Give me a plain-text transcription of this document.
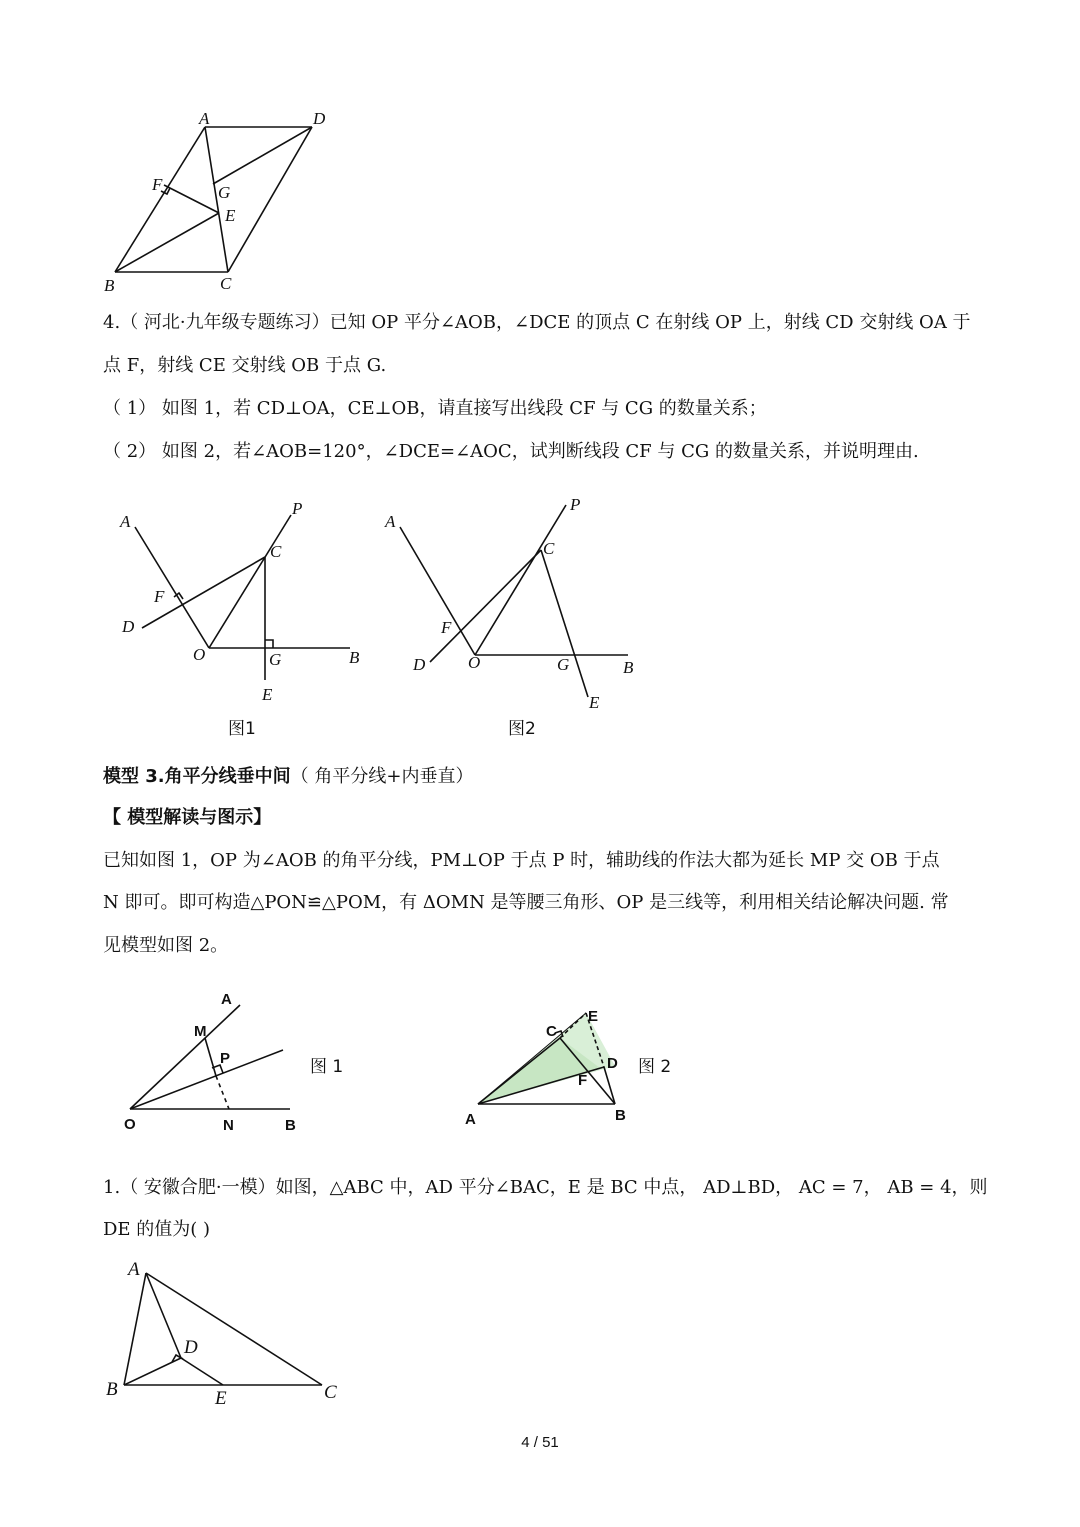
A	D
F	G
E
B	C
4.（ 河北·九年级专题练习）已知 OP 平分∠AOB，∠DCE 的顶点 C 在射线 OP 上，射线 CD 交射线 OA 于
点 F，射线 CE 交射线 OB 于点 G.
（ 1） 如图 1，若 CD⊥OA，CE⊥OB，请直接写出线段 CF 与 CG 的数量关系；
（ 2） 如图 2，若∠AOB=120°，∠DCE=∠AOC，试判断线段 CF 与 CG 的数量关系，并说明理由.
A
P
C
F
D
O	G	B
E
图1
A
P
C
F
D	O	G	B
E
图2
模型 3.角平分线垂中间（ 角平分线+内垂直）
【 模型解读与图示】
已知如图 1，OP 为∠AOB 的角平分线，PM⊥OP 于点 P 时，辅助线的作法大都为延长 MP 交 OB 于点
N 即可。即可构造△PON≌△POM，有 ΔOMN 是等腰三角形、OP 是三线等，利用相关结论解决问题. 常
见模型如图 2。
A
M
P
O	N	B
图 1
E
C
D
F
A	B
图 2
1.（ 安徽合肥·一模）如图，△ABC 中，AD 平分∠BAC，E 是 BC 中点， AD⊥BD， AC = 7， AB = 4，则
DE 的值为( )
A
D
B	E	C
4 / 51
